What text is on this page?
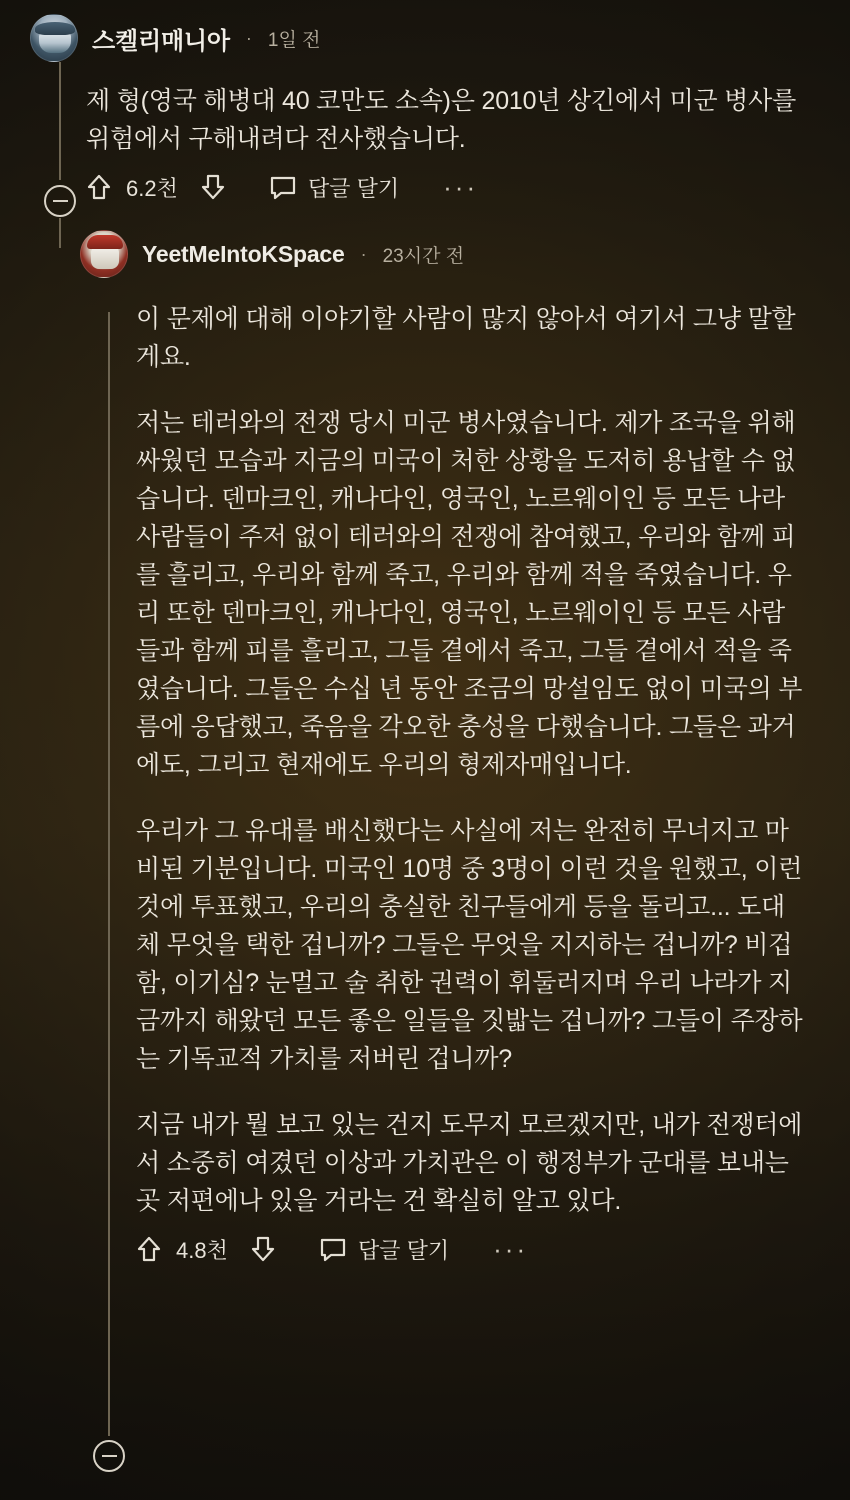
스켈리매니아 · 1일 전
제 형(영국 해병대 40 코만도 소속)은 2010년 상긴에서 미군 병사를 위험에서 구해내려다 전사했습니다.
6.2천	답글 달기 ···
YeetMeIntoKSpace · 23시간 전

이 문제에 대해 이야기할 사람이 많지 않아서 여기서 그냥 말할게요.

저는 테러와의 전쟁 당시 미군 병사였습니다. 제가 조국을 위해 싸웠던 모습과 지금의 미국이 처한 상황을 도저히 용납할 수 없습니다. 덴마크인, 캐나다인, 영국인, 노르웨이인 등 모든 나라 사람들이 주저 없이 테러와의 전쟁에 참여했고, 우리와 함께 피를 흘리고, 우리와 함께 죽고, 우리와 함께 적을 죽였습니다. 우리 또한 덴마크인, 캐나다인, 영국인, 노르웨이인 등 모든 사람들과 함께 피를 흘리고, 그들 곁에서 죽고, 그들 곁에서 적을 죽였습니다. 그들은 수십 년 동안 조금의 망설임도 없이 미국의 부름에 응답했고, 죽음을 각오한 충성을 다했습니다. 그들은 과거에도, 그리고 현재에도 우리의 형제자매입니다.

우리가 그 유대를 배신했다는 사실에 저는 완전히 무너지고 마비된 기분입니다. 미국인 10명 중 3명이 이런 것을 원했고, 이런 것에 투표했고, 우리의 충실한 친구들에게 등을 돌리고... 도대체 무엇을 택한 겁니까? 그들은 무엇을 지지하는 겁니까? 비겁함, 이기심? 눈멀고 술 취한 권력이 휘둘러지며 우리 나라가 지금까지 해왔던 모든 좋은 일들을 짓밟는 겁니까? 그들이 주장하는 기독교적 가치를 저버린 겁니까?

지금 내가 뭘 보고 있는 건지 도무지 모르겠지만, 내가 전쟁터에서 소중히 여겼던 이상과 가치관은 이 행정부가 군대를 보내는 곳 저편에나 있을 거라는 건 확실히 알고 있다.

4.8천	답글 달기 ···
